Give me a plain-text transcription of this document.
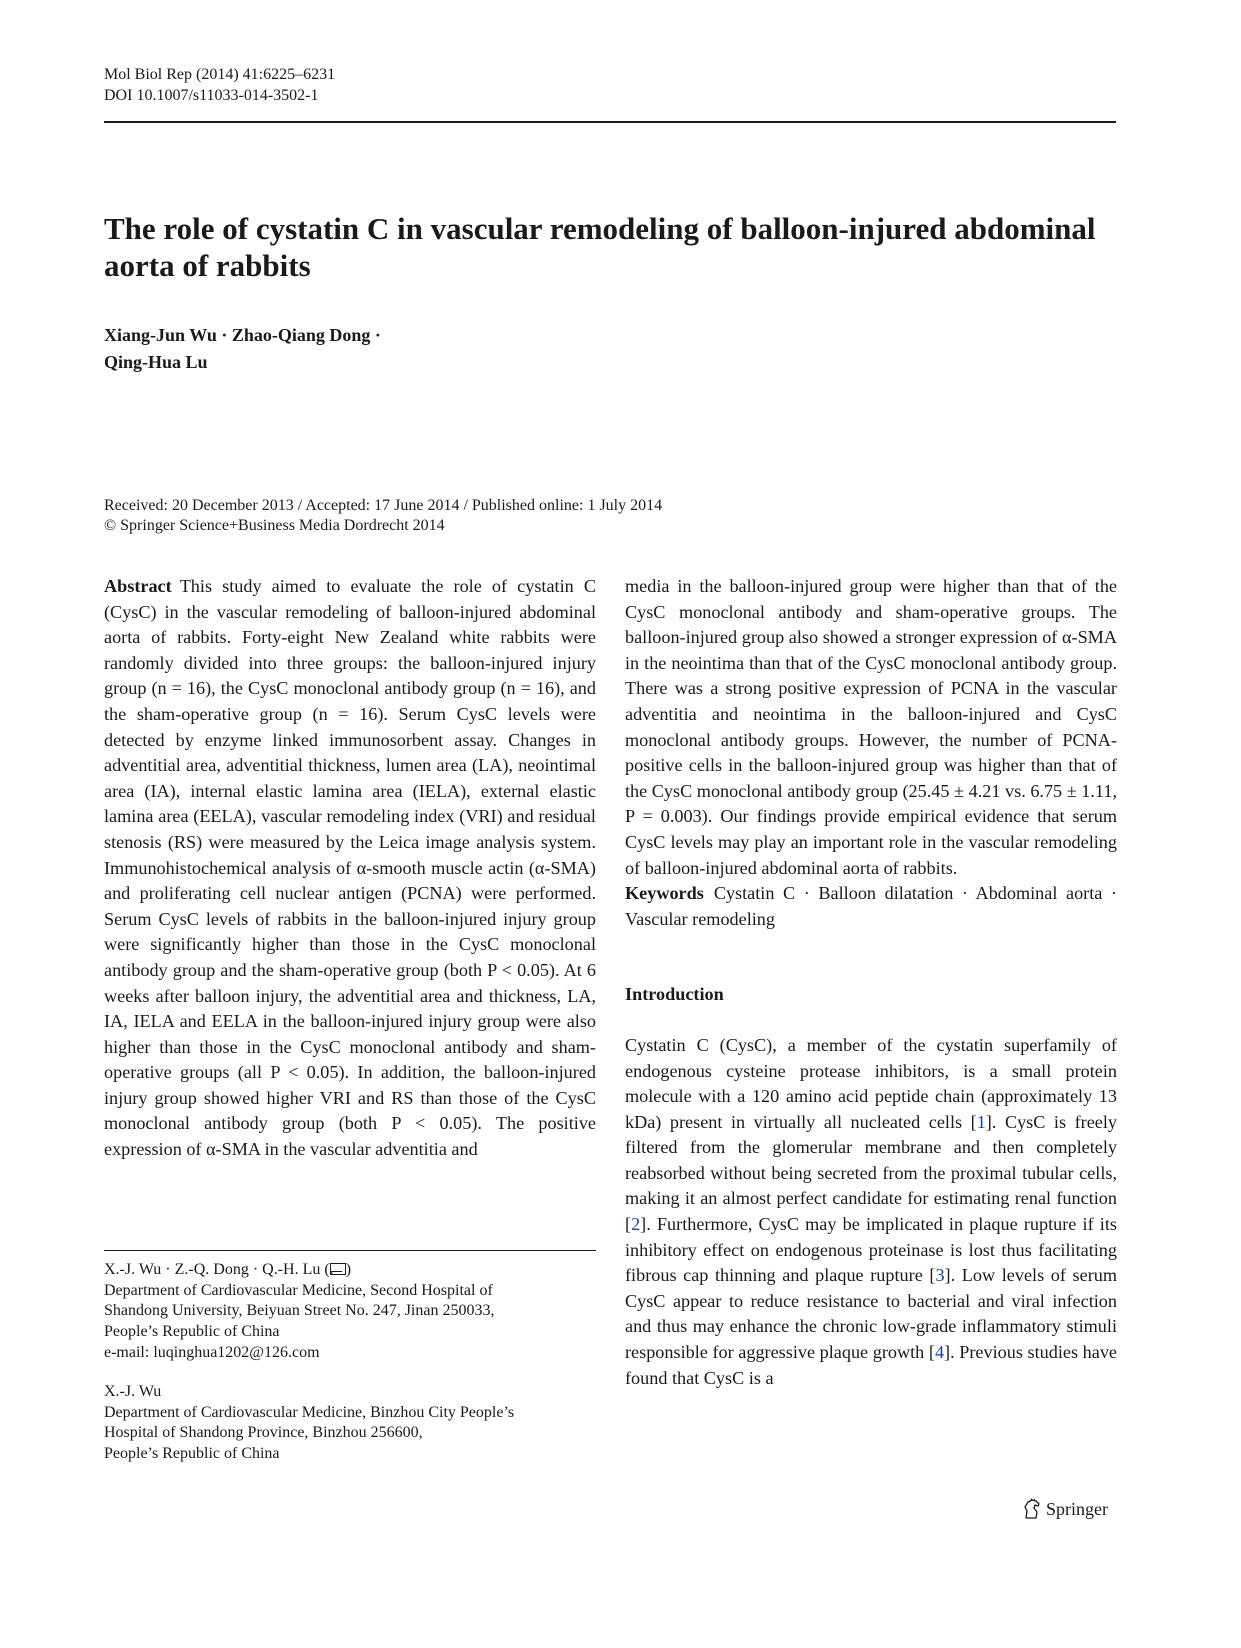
Mol Biol Rep (2014) 41:6225–6231
DOI 10.1007/s11033-014-3502-1
The role of cystatin C in vascular remodeling of balloon-injured abdominal aorta of rabbits
Xiang-Jun Wu · Zhao-Qiang Dong ·
Qing-Hua Lu
Received: 20 December 2013 / Accepted: 17 June 2014 / Published online: 1 July 2014
© Springer Science+Business Media Dordrecht 2014

Abstract This study aimed to evaluate the role of cystatin C (CysC) in the vascular remodeling of balloon-injured abdominal aorta of rabbits. Forty-eight New Zealand white rabbits were randomly divided into three groups: the balloon-injured injury group (n = 16), the CysC monoclonal antibody group (n = 16), and the sham-operative group (n = 16). Serum CysC levels were detected by enzyme linked immunosorbent assay. Changes in adventitial area, adventitial thickness, lumen area (LA), neointimal area (IA), internal elastic lamina area (IELA), external elastic lamina area (EELA), vascular remodeling index (VRI) and residual stenosis (RS) were measured by the Leica image analysis system. Immunohistochemical analysis of α-smooth muscle actin (α-SMA) and proliferating cell nuclear antigen (PCNA) were performed. Serum CysC levels of rabbits in the balloon-injured injury group were significantly higher than those in the CysC monoclonal antibody group and the sham-operative group (both P < 0.05). At 6 weeks after balloon injury, the adventitial area and thickness, LA, IA, IELA and EELA in the balloon-injured injury group were also higher than those in the CysC monoclonal antibody and sham-operative groups (all P < 0.05). In addition, the balloon-injured injury group showed higher VRI and RS than those of the CysC monoclonal antibody group (both P < 0.05). The positive expression of α-SMA in the vascular adventitia and

media in the balloon-injured group were higher than that of the CysC monoclonal antibody and sham-operative groups. The balloon-injured group also showed a stronger expression of α-SMA in the neointima than that of the CysC monoclonal antibody group. There was a strong positive expression of PCNA in the vascular adventitia and neointima in the balloon-injured and CysC monoclonal antibody groups. However, the number of PCNA-positive cells in the balloon-injured group was higher than that of the CysC monoclonal antibody group (25.45 ± 4.21 vs. 6.75 ± 1.11, P = 0.003). Our findings provide empirical evidence that serum CysC levels may play an important role in the vascular remodeling of balloon-injured abdominal aorta of rabbits.

Keywords Cystatin C · Balloon dilatation · Abdominal aorta · Vascular remodeling

Introduction

Cystatin C (CysC), a member of the cystatin superfamily of endogenous cysteine protease inhibitors, is a small protein molecule with a 120 amino acid peptide chain (approximately 13 kDa) present in virtually all nucleated cells [1]. CysC is freely filtered from the glomerular membrane and then completely reabsorbed without being secreted from the proximal tubular cells, making it an almost perfect candidate for estimating renal function [2]. Furthermore, CysC may be implicated in plaque rupture if its inhibitory effect on endogenous proteinase is lost thus facilitating fibrous cap thinning and plaque rupture [3]. Low levels of serum CysC appear to reduce resistance to bacterial and viral infection and thus may enhance the chronic low-grade inflammatory stimuli responsible for aggressive plaque growth [4]. Previous studies have found that CysC is a

X.-J. Wu · Z.-Q. Dong · Q.-H. Lu ( )
Department of Cardiovascular Medicine, Second Hospital of
Shandong University, Beiyuan Street No. 247, Jinan 250033,
People’s Republic of China
e-mail: luqinghua1202@126.com
X.-J. Wu
Department of Cardiovascular Medicine, Binzhou City People’s
Hospital of Shandong Province, Binzhou 256600,
People’s Republic of China
Springer
